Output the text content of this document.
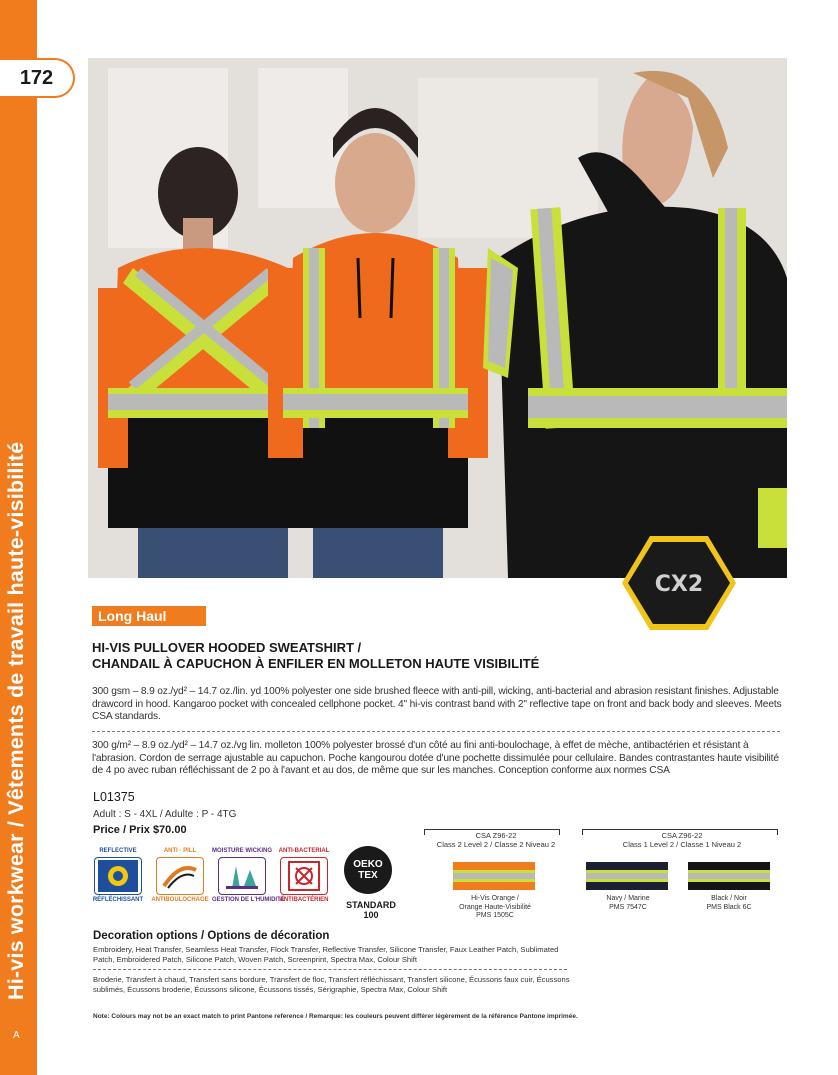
Hi-vis workwear / Vêtements de travail haute-visibilité
A
172
CX2
Long Haul
HI-VIS PULLOVER HOODED SWEATSHIRT /
CHANDAIL À CAPUCHON À ENFILER EN MOLLETON HAUTE VISIBILITÉ
300 gsm – 8.9 oz./yd² – 14.7 oz./lin. yd 100% polyester one side brushed fleece with anti-pill, wicking, anti-bacterial and abrasion resistant finishes. Adjustable drawcord in hood. Kangaroo pocket with concealed cellphone pocket. 4" hi-vis contrast band with 2" reflective tape on front and back body and sleeves. Meets CSA standards.
300 g/m² – 8.9 oz./yd² – 14.7 oz./vg lin. molleton 100% polyester brossé d'un côté au fini anti-boulochage, à effet de mèche, antibactérien et résistant à l'abrasion. Cordon de serrage ajustable au capuchon. Poche kangourou dotée d'une pochette dissimulée pour cellulaire. Bandes contrastantes haute visibilité de 4 po avec ruban réfléchissant de 2 po à l'avant et au dos, de même que sur les manches. Conception conforme aux normes CSA
L01375
Adult : S - 4XL / Adulte : P - 4TG
Price / Prix $70.00
REFLECTIVE
RÉFLÉCHISSANT
ANTI - PILL
ANTIBOULOCHAGE
MOISTURE WICKING
GESTION DE L'HUMIDITÉ
ANTI-BACTERIAL
ANTIBACTÉRIEN
OEKO
TEX
STANDARD
100
CSA Z96-22
Class 2 Level 2 / Classe 2 Niveau 2
CSA Z96-22
Class 1 Level 2 / Classe 1 Niveau 2
Hi-Vis Orange /
Orange Haute-Visibilité
PMS 1505C
Navy / Marine
PMS 7547C
Black / Noir
PMS Black 6C
Decoration options / Options de décoration
Embroidery, Heat Transfer, Seamless Heat Transfer, Flock Transfer, Reflective Transfer, Silicone Transfer, Faux Leather Patch, Sublimated Patch, Embroidered Patch, Silicone Patch, Woven Patch, Screenprint, Spectra Max, Colour Shift
Broderie, Transfert à chaud, Transfert sans bordure, Transfert de floc, Transfert réfléchissant, Transfert silicone, Écussons faux cuir, Écussons sublimés, Écussons broderie, Écussons silicone, Écussons tissés, Sérigraphie, Spectra Max, Colour Shift
Note: Colours may not be an exact match to print Pantone reference / Remarque: les couleurs peuvent différer légèrement de la référence Pantone imprimée.
